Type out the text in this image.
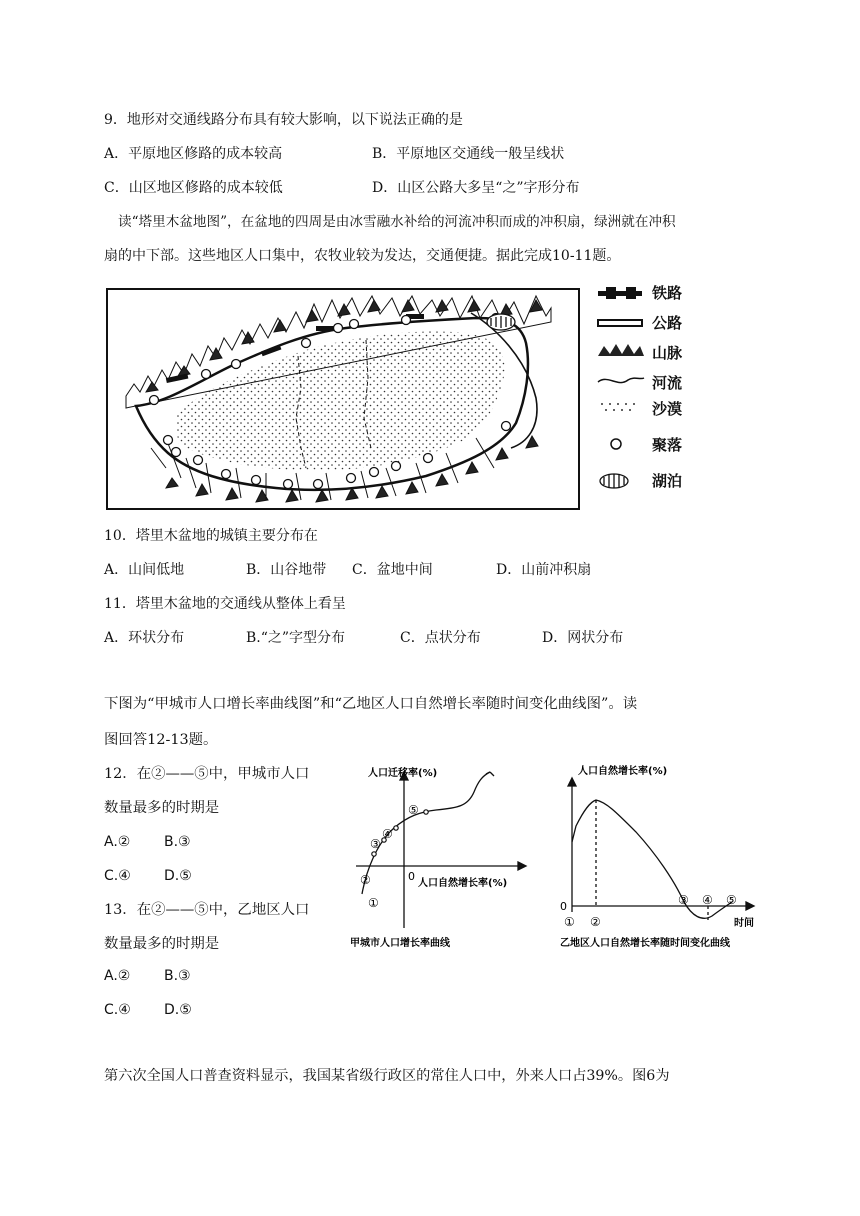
9．地形对交通线路分布具有较大影响，以下说法正确的是
A．平原地区修路的成本较高	B．平原地区交通线一般呈线状
C．山区地区修路的成本较低	D．山区公路大多呈“之”字形分布
读“塔里木盆地图”，在盆地的四周是由冰雪融水补给的河流冲积而成的冲积扇，绿洲就在冲积
扇的中下部。这些地区人口集中，农牧业较为发达，交通便捷。据此完成10-11题。
铁路
公路
山脉
河流
沙漠
聚落
湖泊
10．塔里木盆地的城镇主要分布在
A．山间低地	B．山谷地带 C．盆地中间	D．山前冲积扇
11．塔里木盆地的交通线从整体上看呈
A．环状分布	B.“之”字型分布	C．点状分布	D．网状分布
下图为“甲城市人口增长率曲线图”和“乙地区人口自然增长率随时间变化曲线图”。读
图回答12-13题。
12．在②——⑤中，甲城市人口
数量最多的时期是
A.② B.③
C.④ D.⑤
13．在②——⑤中，乙地区人口
数量最多的时期是
A.② B.③
C.④ D.⑤
人口迁移率(%)
人口自然增长率(%)
0
①
②
③
④
⑤
甲城市人口增长率曲线
人口自然增长率(%)
时间
0
① ②
③ ④ ⑤
乙地区人口自然增长率随时间变化曲线
第六次全国人口普查资料显示，我国某省级行政区的常住人口中，外来人口占39%。图6为
